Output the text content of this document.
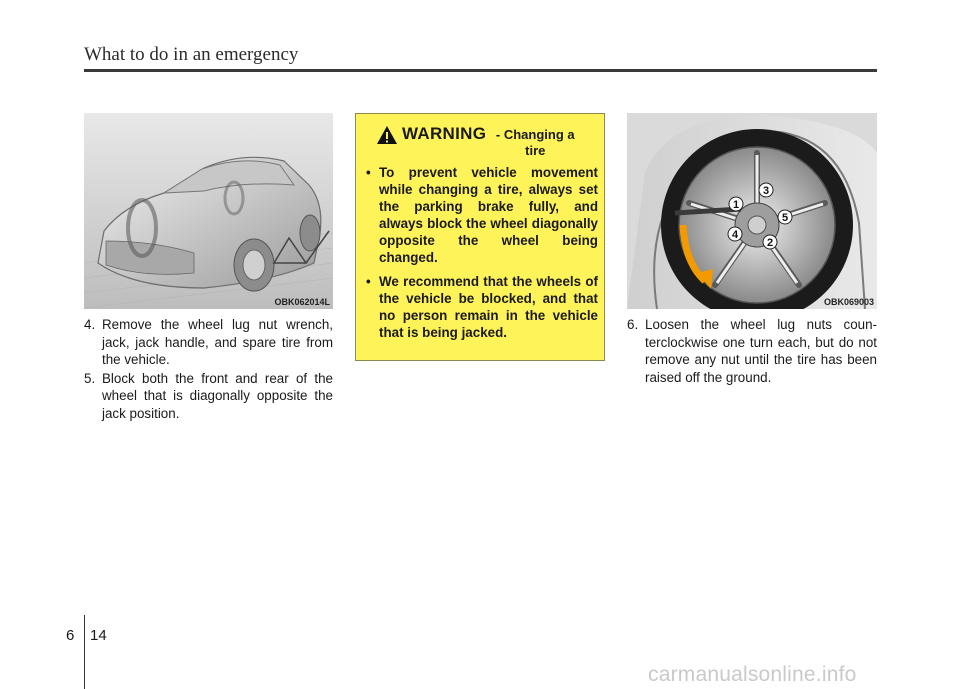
What to do in an emergency
OBK062014L
4. Remove the wheel lug nut wrench, jack, jack handle, and spare tire from the vehicle.
5. Block both the front and rear of the wheel that is diagonally opposite the jack position.
WARNING - Changing a tire
• To prevent vehicle movement while changing a tire, always set the parking brake fully, and always block the wheel diagonally opposite the wheel being changed.
• We recommend that the wheels of the vehicle be blocked, and that no person remain in the vehicle that is being jacked.
1
2
3
4
5
OBK069003
6. Loosen the wheel lug nuts coun-terclockwise one turn each, but do not remove any nut until the tire has been raised off the ground.
6 14
carmanualsonline.info
